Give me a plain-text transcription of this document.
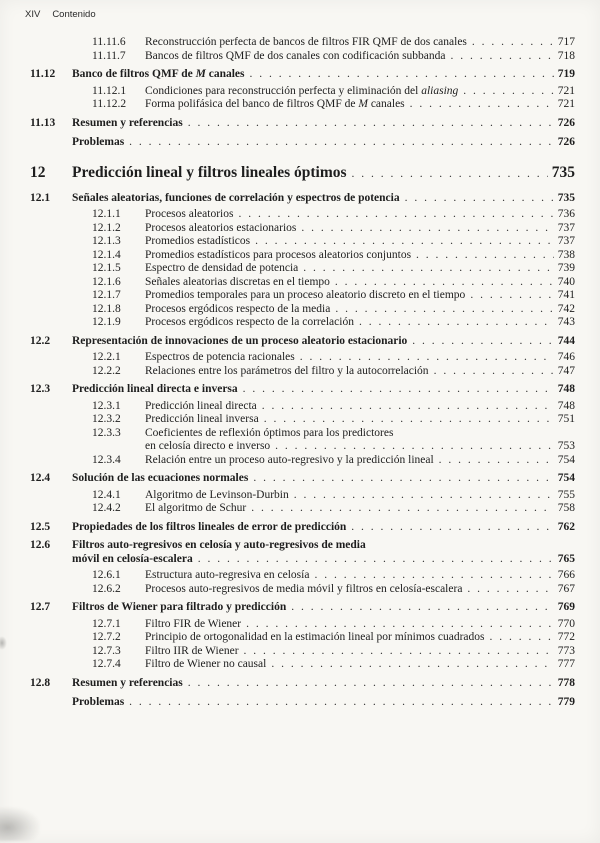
XIV Contenido
11.11.6	Reconstrucción perfecta de bancos de filtros FIR QMF de dos canales . . .	717
11.11.7	Bancos de filtros QMF de dos canales con codificación subbanda . . .	718
11.12	Banco de filtros QMF de M canales . . .	719
11.12.1	Condiciones para reconstrucción perfecta y eliminación del aliasing . . .	721
11.12.2	Forma polifásica del banco de filtros QMF de M canales . . .	721
11.13	Resumen y referencias . . .	726
Problemas . . .	726
12	Predicción lineal y filtros lineales óptimos . . .	735
12.1	Señales aleatorias, funciones de correlación y espectros de potencia . . .	735
12.1.1	Procesos aleatorios . . .	736
12.1.2	Procesos aleatorios estacionarios . . .	737
12.1.3	Promedios estadísticos . . .	737
12.1.4	Promedios estadísticos para procesos aleatorios conjuntos . . .	738
12.1.5	Espectro de densidad de potencia . . .	739
12.1.6	Señales aleatorias discretas en el tiempo . . .	740
12.1.7	Promedios temporales para un proceso aleatorio discreto en el tiempo . . .	741
12.1.8	Procesos ergódicos respecto de la media . . .	742
12.1.9	Procesos ergódicos respecto de la correlación . . .	743
12.2	Representación de innovaciones de un proceso aleatorio estacionario . . .	744
12.2.1	Espectros de potencia racionales . . .	746
12.2.2	Relaciones entre los parámetros del filtro y la autocorrelación . . .	747
12.3	Predicción lineal directa e inversa . . .	748
12.3.1	Predicción lineal directa . . .	748
12.3.2	Predicción lineal inversa . . .	751
12.3.3	Coeficientes de reflexión óptimos para los predictores
en celosía directo e inverso . . .	753
12.3.4	Relación entre un proceso auto-regresivo y la predicción lineal . . .	754
12.4	Solución de las ecuaciones normales . . .	754
12.4.1	Algoritmo de Levinson-Durbin . . .	755
12.4.2	El algoritmo de Schur . . .	758
12.5	Propiedades de los filtros lineales de error de predicción . . .	762
12.6	Filtros auto-regresivos en celosía y auto-regresivos de media
móvil en celosía-escalera . . .	765
12.6.1	Estructura auto-regresiva en celosía . . .	766
12.6.2	Procesos auto-regresivos de media móvil y filtros en celosía-escalera . . .	767
12.7	Filtros de Wiener para filtrado y predicción . . .	769
12.7.1	Filtro FIR de Wiener . . .	770
12.7.2	Principio de ortogonalidad en la estimación lineal por mínimos cuadrados . . .	772
12.7.3	Filtro IIR de Wiener . . .	773
12.7.4	Filtro de Wiener no causal . . .	777
12.8	Resumen y referencias . . .	778
Problemas . . .	779
